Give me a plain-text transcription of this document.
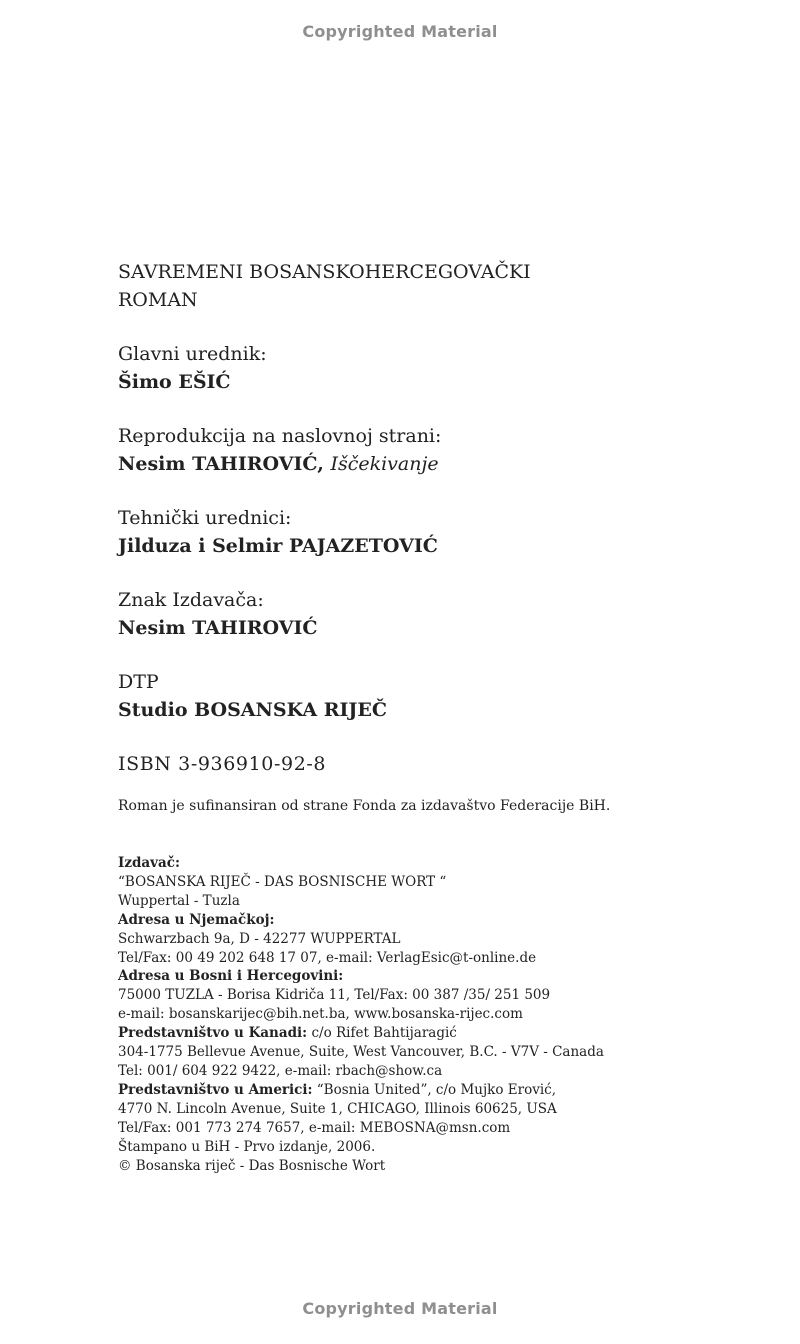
Copyrighted Material
SAVREMENI BOSANSKOHERCEGOVAČKI
ROMAN
Glavni urednik:
Šimo EŠIĆ
Reprodukcija na naslovnoj strani:
Nesim TAHIROVIĆ, Iščekivanje
Tehnički urednici:
Jilduza i Selmir PAJAZETOVIĆ
Znak Izdavača:
Nesim TAHIROVIĆ
DTP
Studio BOSANSKA RIJEČ
ISBN 3-936910-92-8
Roman je sufinansiran od strane Fonda za izdavaštvo Federacije BiH.
Izdavač:
“BOSANSKA RIJEČ - DAS BOSNISCHE WORT “
Wuppertal - Tuzla
Adresa u Njemačkoj:
Schwarzbach 9a, D - 42277 WUPPERTAL
Tel/Fax: 00 49 202 648 17 07, e-mail: VerlagEsic@t-online.de
Adresa u Bosni i Hercegovini:
75000 TUZLA - Borisa Kidriča 11, Tel/Fax: 00 387 /35/ 251 509
e-mail: bosanskarijec@bih.net.ba, www.bosanska-rijec.com
Predstavništvo u Kanadi: c/o Rifet Bahtijaragić
304-1775 Bellevue Avenue, Suite, West Vancouver, B.C. - V7V - Canada
Tel: 001/ 604 922 9422, e-mail: rbach@show.ca
Predstavništvo u Americi: “Bosnia United”, c/o Mujko Erović,
4770 N. Lincoln Avenue, Suite 1, CHICAGO, Illinois 60625, USA
Tel/Fax: 001 773 274 7657, e-mail: MEBOSNA@msn.com
Štampano u BiH - Prvo izdanje, 2006.
© Bosanska riječ - Das Bosnische Wort
Copyrighted Material
